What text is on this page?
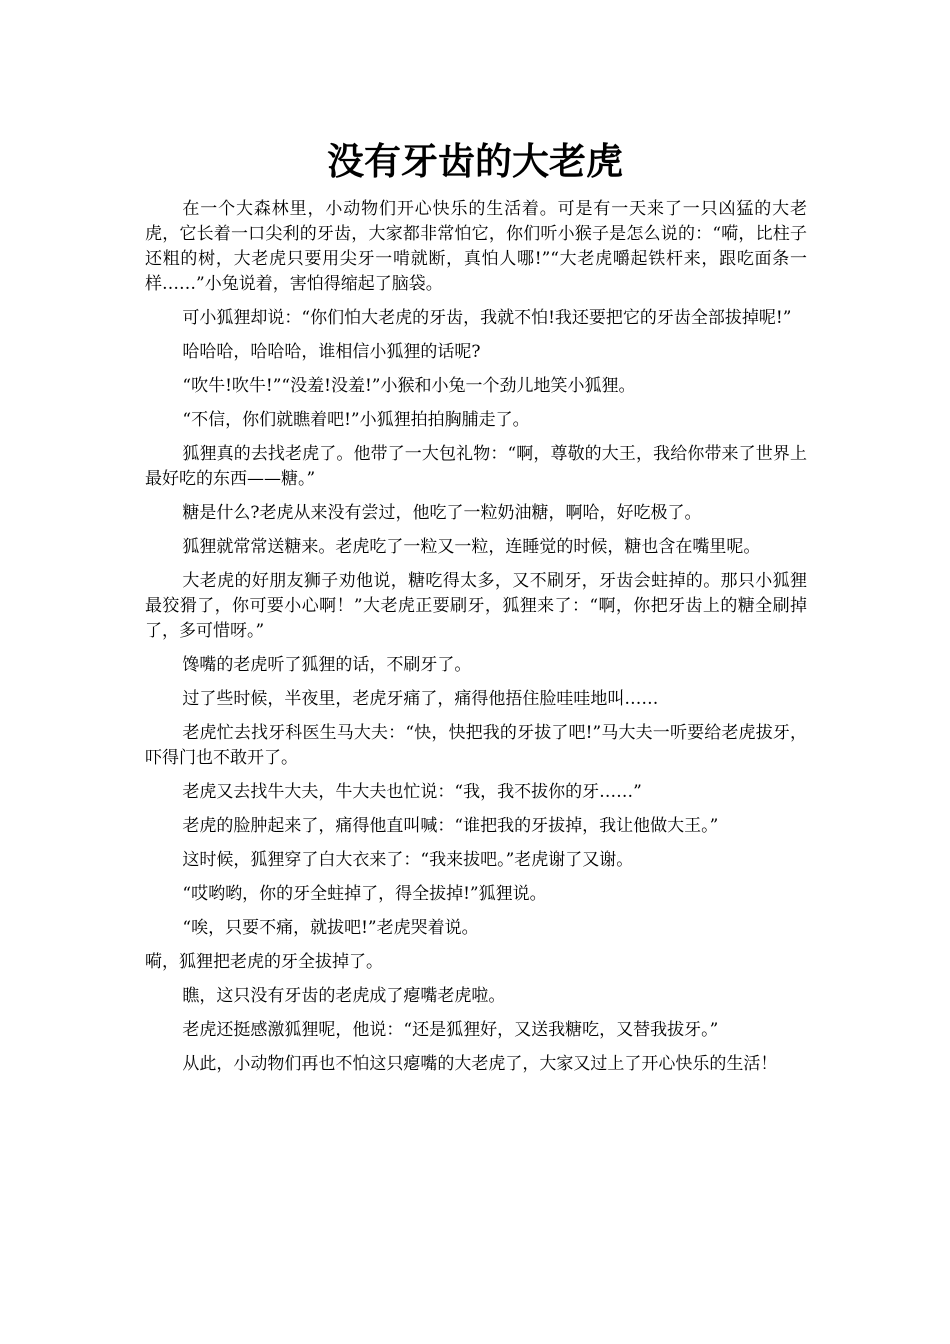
没有牙齿的大老虎

在一个大森林里，小动物们开心快乐的生活着。可是有一天来了一只凶猛的大老虎，它长着一口尖利的牙齿，大家都非常怕它，你们听小猴子是怎么说的：“嗬，比柱子还粗的树，大老虎只要用尖牙一啃就断，真怕人哪!”“大老虎嚼起铁杆来，跟吃面条一样……”小兔说着，害怕得缩起了脑袋。

可小狐狸却说：“你们怕大老虎的牙齿，我就不怕!我还要把它的牙齿全部拔掉呢!”

哈哈哈，哈哈哈，谁相信小狐狸的话呢?

“吹牛!吹牛!”“没羞!没羞!”小猴和小兔一个劲儿地笑小狐狸。

“不信，你们就瞧着吧!”小狐狸拍拍胸脯走了。

狐狸真的去找老虎了。他带了一大包礼物：“啊，尊敬的大王，我给你带来了世界上最好吃的东西——糖。”

糖是什么?老虎从来没有尝过，他吃了一粒奶油糖，啊哈，好吃极了。

狐狸就常常送糖来。老虎吃了一粒又一粒，连睡觉的时候，糖也含在嘴里呢。

大老虎的好朋友狮子劝他说，糖吃得太多，又不刷牙，牙齿会蛀掉的。那只小狐狸最狡猾了，你可要小心啊！”大老虎正要刷牙，狐狸来了：“啊，你把牙齿上的糖全刷掉了，多可惜呀。”

馋嘴的老虎听了狐狸的话，不刷牙了。

过了些时候，半夜里，老虎牙痛了，痛得他捂住脸哇哇地叫……

老虎忙去找牙科医生马大夫：“快，快把我的牙拔了吧!”马大夫一听要给老虎拔牙，吓得门也不敢开了。

老虎又去找牛大夫，牛大夫也忙说：“我，我不拔你的牙……”

老虎的脸肿起来了，痛得他直叫喊：“谁把我的牙拔掉，我让他做大王。”

这时候，狐狸穿了白大衣来了：“我来拔吧。”老虎谢了又谢。

“哎哟哟，你的牙全蛀掉了，得全拔掉!”狐狸说。

“唉，只要不痛，就拔吧!”老虎哭着说。

嗬，狐狸把老虎的牙全拔掉了。

瞧，这只没有牙齿的老虎成了瘪嘴老虎啦。

老虎还挺感激狐狸呢，他说：“还是狐狸好，又送我糖吃，又替我拔牙。”

从此，小动物们再也不怕这只瘪嘴的大老虎了，大家又过上了开心快乐的生活！
